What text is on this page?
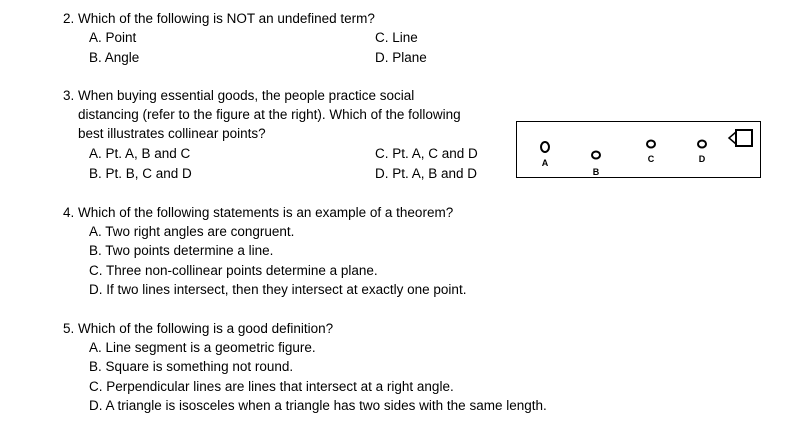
2. Which of the following is NOT an undefined term?
A. Point
B. Angle
C. Line
D. Plane
3. When buying essential goods, the people practice social
distancing (refer to the figure at the right). Which of the following
best illustrates collinear points?
A. Pt. A, B and C
B. Pt. B, C and D
C. Pt. A, C and D
D. Pt. A, B and D
A
B
C	D
4. Which of the following statements is an example of a theorem?
A. Two right angles are congruent.
B. Two points determine a line.
C. Three non-collinear points determine a plane.
D. If two lines intersect, then they intersect at exactly one point.
5. Which of the following is a good definition?
A. Line segment is a geometric figure.
B. Square is something not round.
C. Perpendicular lines are lines that intersect at a right angle.
D. A triangle is isosceles when a triangle has two sides with the same length.
